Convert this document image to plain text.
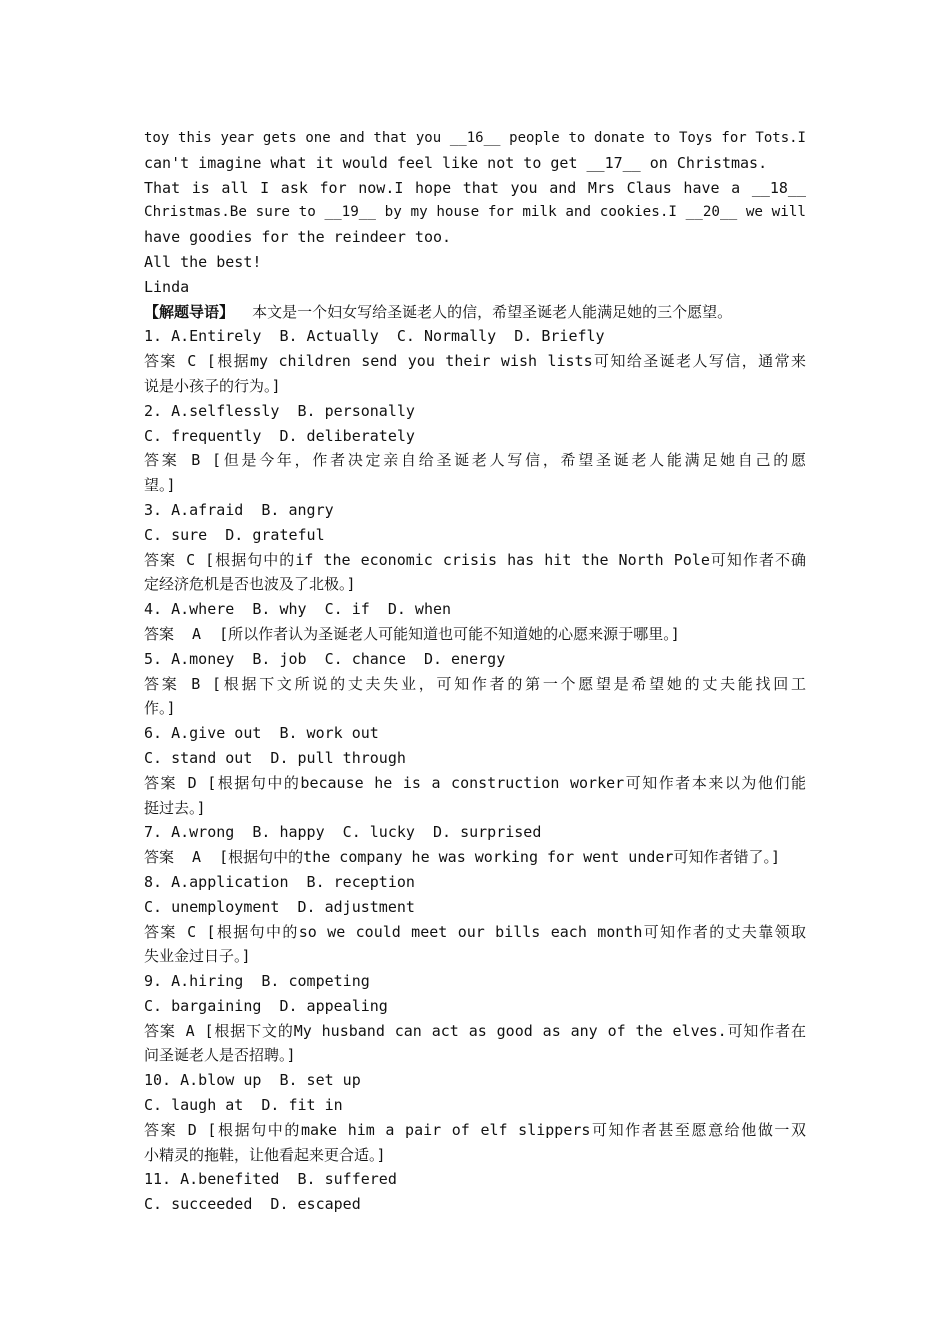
toy this year gets one and that you __16__ people to donate to Toys for Tots.I
can't imagine what it would feel like not to get __17__ on Christmas.
That is all I ask for now.I hope that you and Mrs Claus have a __18__
Christmas.Be sure to __19__ by my house for milk and cookies.I __20__ we will
have goodies for the reindeer too.
All the best!
Linda
【解题导语】  本文是一个妇女写给圣诞老人的信，希望圣诞老人能满足她的三个愿望。
1. A.Entirely  B. Actually  C. Normally  D. Briefly
答案 C [根据my children send you their wish lists可知给圣诞老人写信，通常来
说是小孩子的行为。]
2. A.selflessly  B. personally
C. frequently  D. deliberately
答案 B [但是今年，作者决定亲自给圣诞老人写信，希望圣诞老人能满足她自己的愿
望。]
3. A.afraid  B. angry
C. sure  D. grateful
答案 C [根据句中的if the economic crisis has hit the North Pole可知作者不确
定经济危机是否也波及了北极。]
4. A.where  B. why  C. if  D. when
答案  A  [所以作者认为圣诞老人可能知道也可能不知道她的心愿来源于哪里。]
5. A.money  B. job  C. chance  D. energy
答案 B [根据下文所说的丈夫失业，可知作者的第一个愿望是希望她的丈夫能找回工
作。]
6. A.give out  B. work out
C. stand out  D. pull through
答案 D [根据句中的because he is a construction worker可知作者本来以为他们能
挺过去。]
7. A.wrong  B. happy  C. lucky  D. surprised
答案  A  [根据句中的the company he was working for went under可知作者错了。]
8. A.application  B. reception
C. unemployment  D. adjustment
答案 C [根据句中的so we could meet our bills each month可知作者的丈夫靠领取
失业金过日子。]
9. A.hiring  B. competing
C. bargaining  D. appealing
答案 A [根据下文的My husband can act as good as any of the elves.可知作者在
问圣诞老人是否招聘。]
10. A.blow up  B. set up
C. laugh at  D. fit in
答案 D [根据句中的make him a pair of elf slippers可知作者甚至愿意给他做一双
小精灵的拖鞋，让他看起来更合适。]
11. A.benefited  B. suffered
C. succeeded  D. escaped
